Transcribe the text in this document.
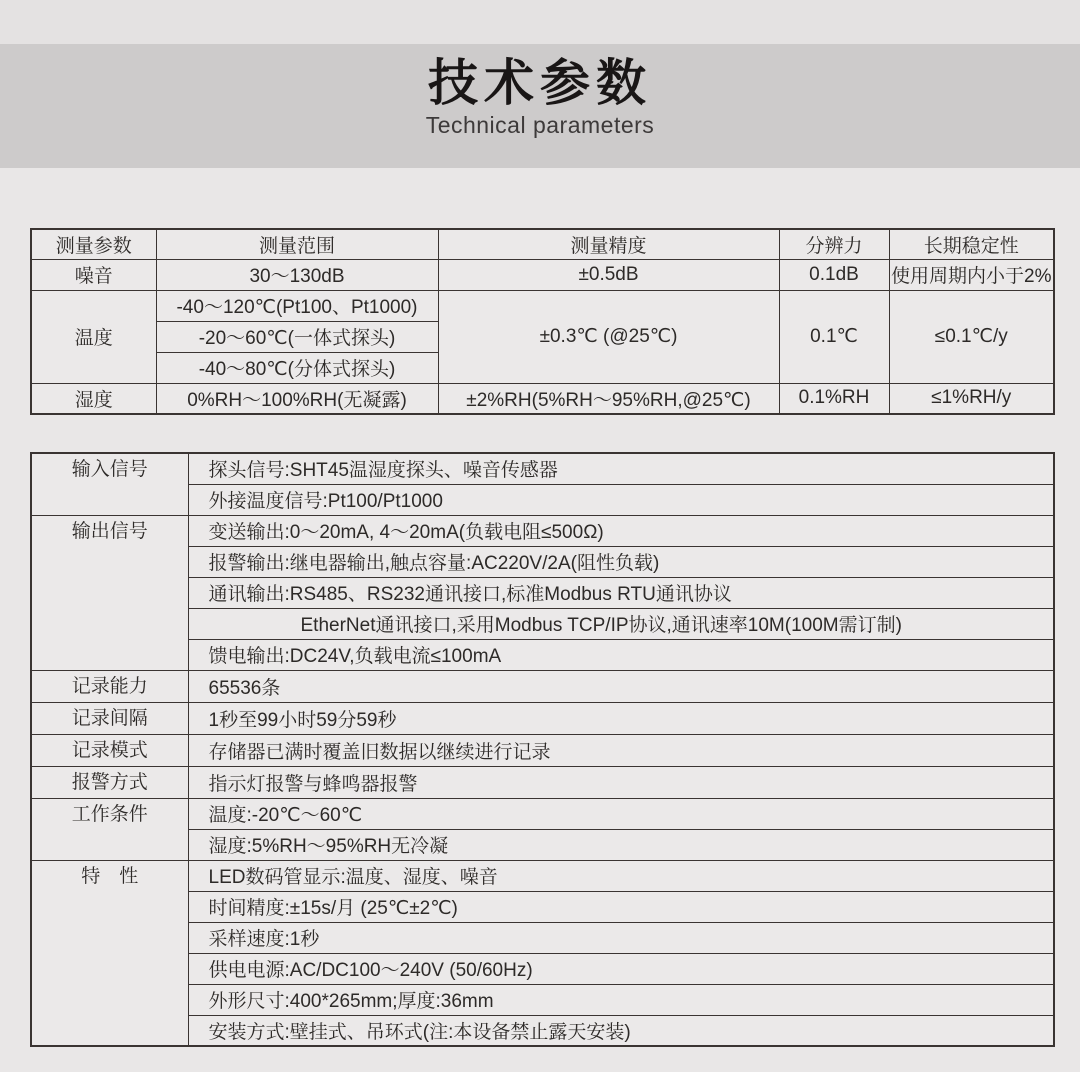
技术参数
Technical parameters
测量参数	测量范围	测量精度	分辨力	长期稳定性
噪音	30～130dB	±0.5dB	0.1dB	使用周期内小于2%
温度	-40～120℃(Pt100、Pt1000)	±0.3℃ (@25℃)	0.1℃	≤0.1℃/y
	-20～60℃(一体式探头)			
	-40～80℃(分体式探头)			
湿度	0%RH～100%RH(无凝露)	±2%RH(5%RH～95%RH,@25℃)	0.1%RH	≤1%RH/y
输入信号	探头信号:SHT45温湿度探头、噪音传感器
	外接温度信号:Pt100/Pt1000
输出信号	变送输出:0～20mA, 4～20mA(负载电阻≤500Ω)
	报警输出:继电器输出,触点容量:AC220V/2A(阻性负载)
	通讯输出:RS485、RS232通讯接口,标准Modbus RTU通讯协议
	EtherNet通讯接口,采用Modbus TCP/IP协议,通讯速率10M(100M需订制)
	馈电输出:DC24V,负载电流≤100mA
记录能力	65536条
记录间隔	1秒至99小时59分59秒
记录模式	存储器已满时覆盖旧数据以继续进行记录
报警方式	指示灯报警与蜂鸣器报警
工作条件	温度:-20℃～60℃
	湿度:5%RH～95%RH无冷凝
特　性	LED数码管显示:温度、湿度、噪音
	时间精度:±15s/月 (25℃±2℃)
	采样速度:1秒
	供电电源:AC/DC100～240V (50/60Hz)
	外形尺寸:400*265mm;厚度:36mm
	安装方式:壁挂式、吊环式(注:本设备禁止露天安装)
